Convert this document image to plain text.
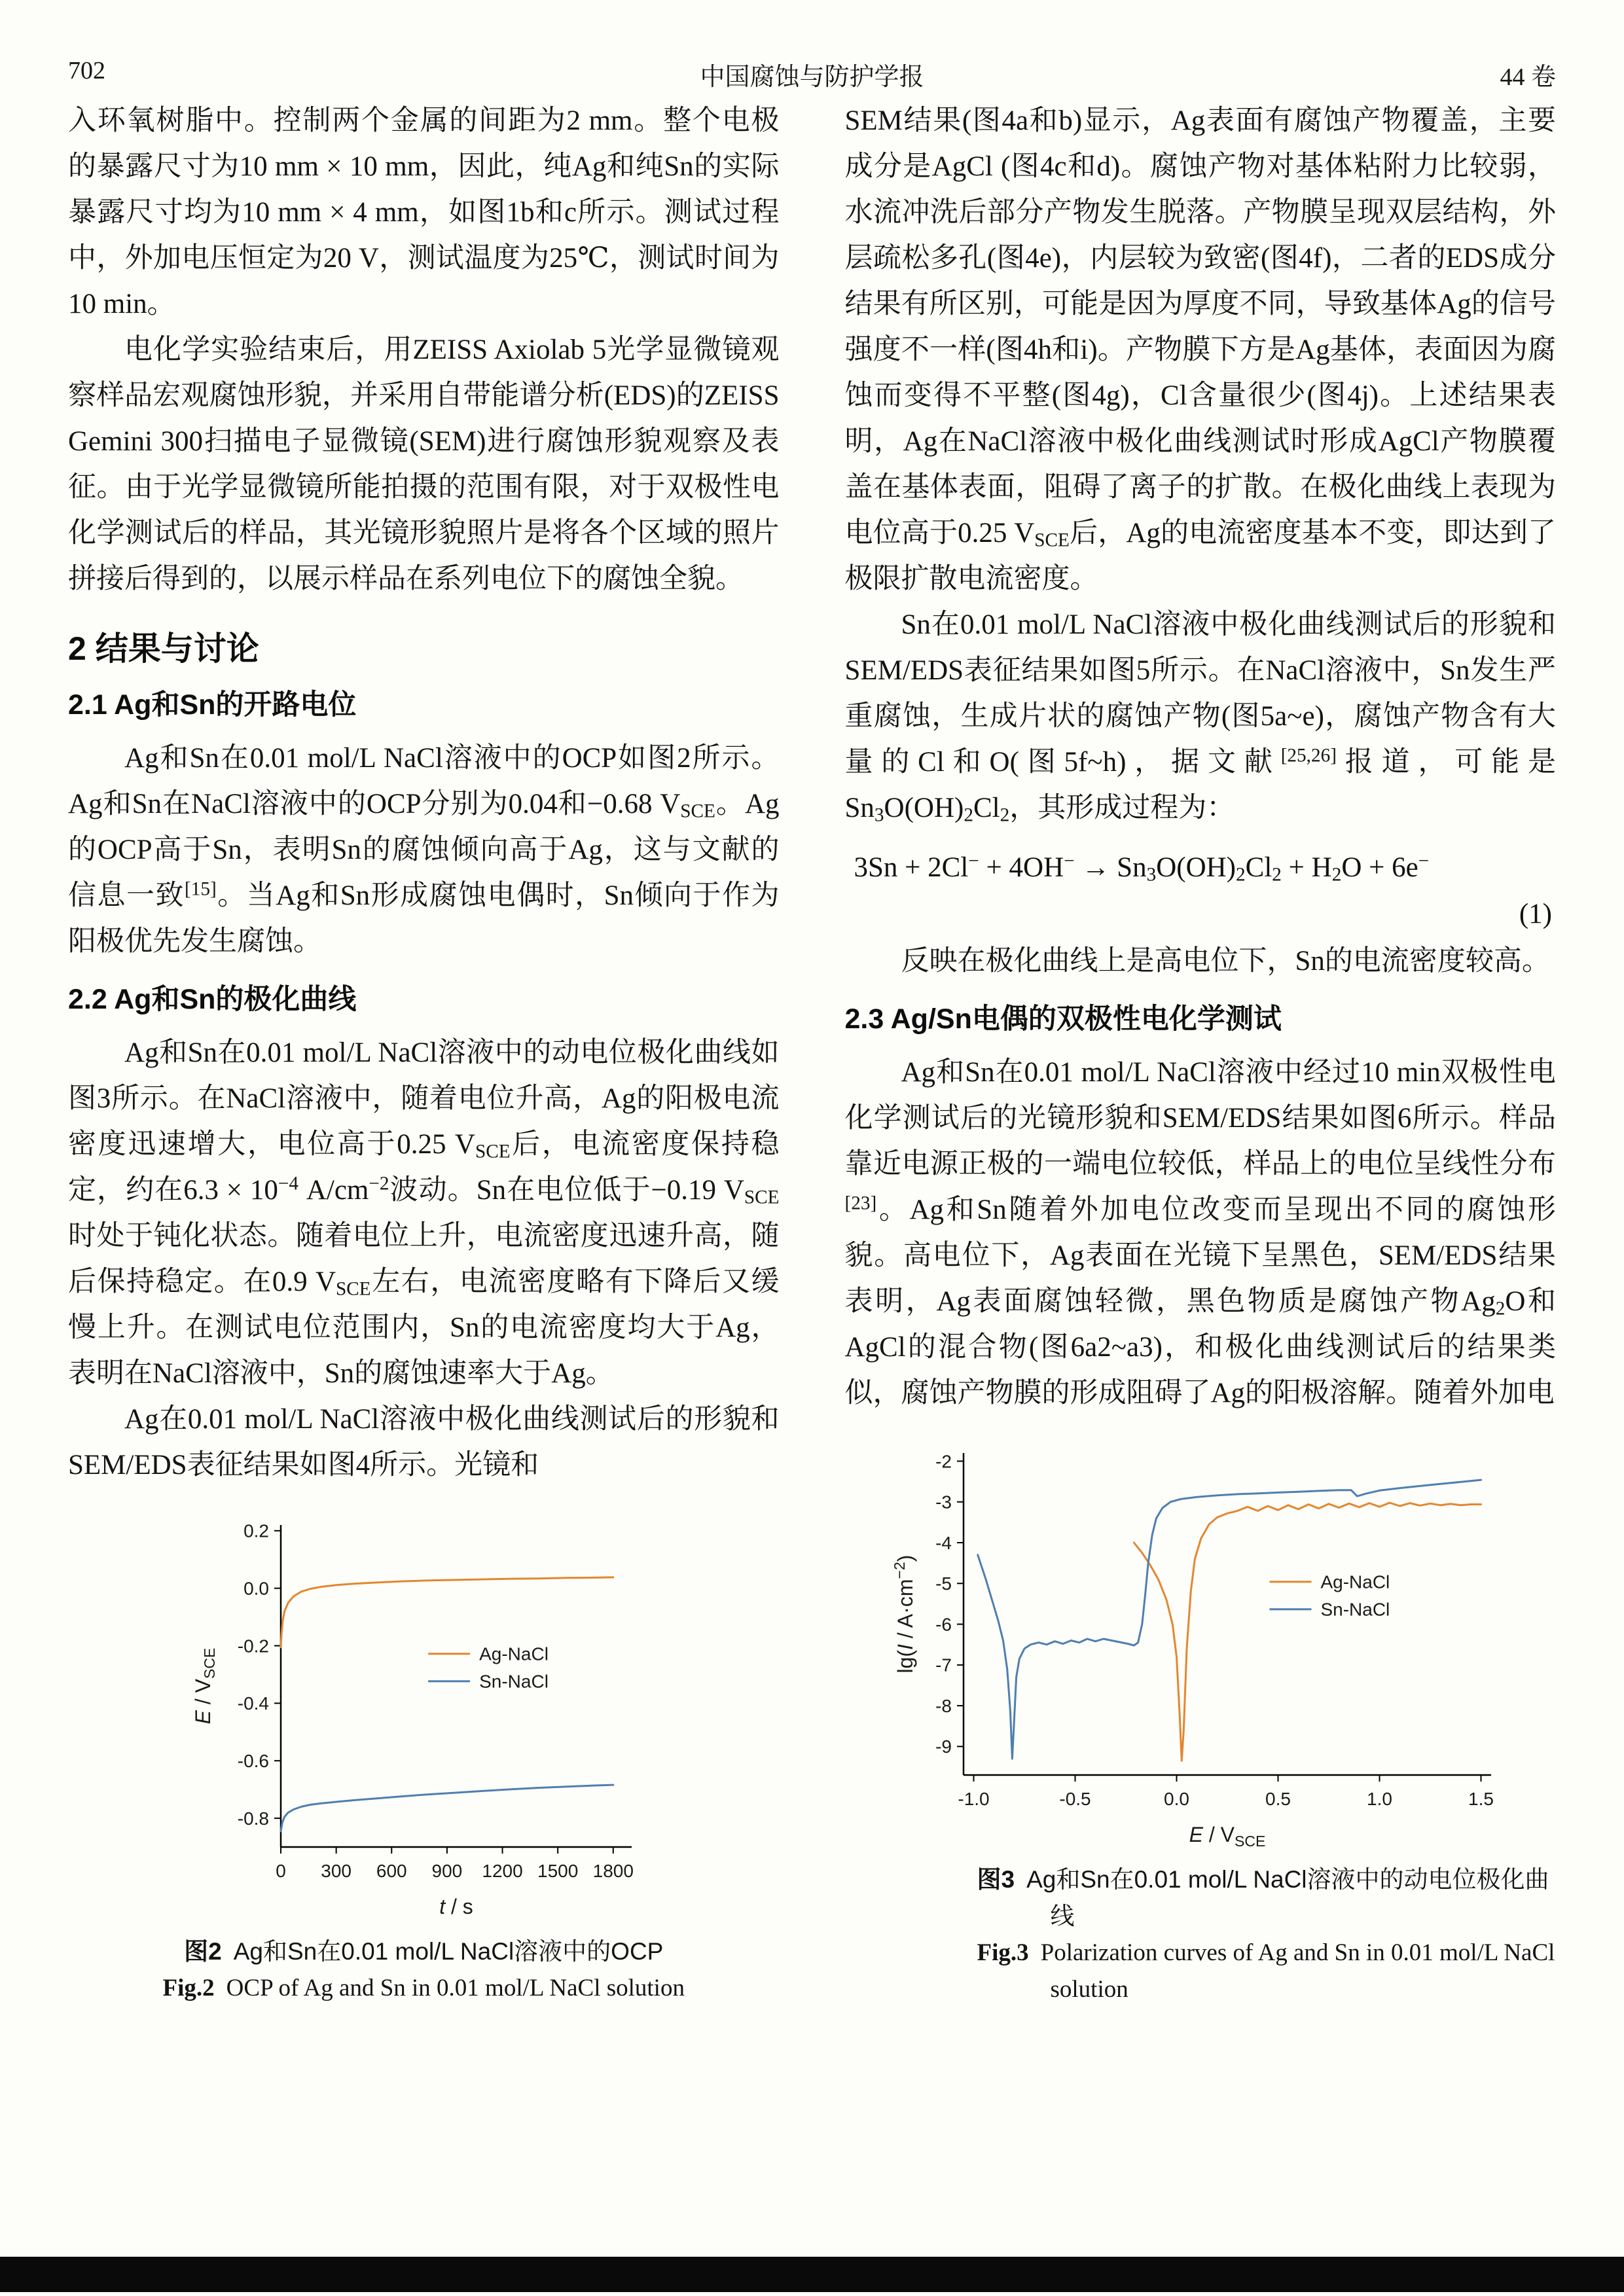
702	中国腐蚀与防护学报	44 卷

入环氧树脂中。控制两个金属的间距为2 mm。整个电极的暴露尺寸为10 mm × 10 mm，因此，纯Ag和纯Sn的实际暴露尺寸均为10 mm × 4 mm，如图1b和c所示。测试过程中，外加电压恒定为20 V，测试温度为25℃，测试时间为10 min。

电化学实验结束后，用ZEISS Axiolab 5光学显微镜观察样品宏观腐蚀形貌，并采用自带能谱分析(EDS)的ZEISS Gemini 300扫描电子显微镜(SEM)进行腐蚀形貌观察及表征。由于光学显微镜所能拍摄的范围有限，对于双极性电化学测试后的样品，其光镜形貌照片是将各个区域的照片拼接后得到的，以展示样品在系列电位下的腐蚀全貌。

2 结果与讨论
2.1 Ag和Sn的开路电位

Ag和Sn在0.01 mol/L NaCl溶液中的OCP如图2所示。Ag和Sn在NaCl溶液中的OCP分别为0.04和−0.68 $V_{SCE}$。Ag的OCP高于Sn，表明Sn的腐蚀倾向高于Ag，这与文献的信息一致[15]。当Ag和Sn形成腐蚀电偶时，Sn倾向于作为阳极优先发生腐蚀。

2.2 Ag和Sn的极化曲线

Ag和Sn在0.01 mol/L NaCl溶液中的动电位极化曲线如图3所示。在NaCl溶液中，随着电位升高，Ag的阳极电流密度迅速增大，电位高于0.25 $V_{SCE}$后，电流密度保持稳定，约在$6.3 \times 10^{-4}$ $A/cm^{-2}$波动。Sn在电位低于−0.19 $V_{SCE}$时处于钝化状态。随着电位上升，电流密度迅速升高，随后保持稳定。在0.9 $V_{SCE}$左右，电流密度略有下降后又缓慢上升。在测试电位范围内，Sn的电流密度均大于Ag，表明在NaCl溶液中，Sn的腐蚀速率大于Ag。

Ag在0.01 mol/L NaCl溶液中极化曲线测试后的形貌和SEM/EDS表征结果如图4所示。光镜和

0 300 600 900 1200 1500 1800
0.2
0.0
-0.2
-0.4
-0.6
-0.8
t / s
E / $V_{SCE}$	Ag-NaCl
Sn-NaCl

图2 Ag和Sn在0.01 mol/L NaCl溶液中的OCP

Fig.2 OCP of Ag and Sn in 0.01 mol/L NaCl solution

SEM结果(图4a和b)显示，Ag表面有腐蚀产物覆盖，主要成分是AgCl (图4c和d)。腐蚀产物对基体粘附力比较弱，水流冲洗后部分产物发生脱落。产物膜呈现双层结构，外层疏松多孔(图4e)，内层较为致密(图4f)，二者的EDS成分结果有所区别，可能是因为厚度不同，导致基体Ag的信号强度不一样(图4h和i)。产物膜下方是Ag基体，表面因为腐蚀而变得不平整(图4g)，Cl含量很少(图4j)。上述结果表明，Ag在NaCl溶液中极化曲线测试时形成AgCl产物膜覆盖在基体表面，阻碍了离子的扩散。在极化曲线上表现为电位高于0.25 $V_{SCE}$后，Ag的电流密度基本不变，即达到了极限扩散电流密度。

Sn在0.01 mol/L NaCl溶液中极化曲线测试后的形貌和SEM/EDS表征结果如图5所示。在NaCl溶液中，Sn发生严重腐蚀，生成片状的腐蚀产物(图5a~e)，腐蚀产物含有大量的Cl和O(图5f~h)，据文献[25,26]报道，可能是$Sn_3O(OH)_2Cl_2$，其形成过程为：

$3Sn + 2Cl^- + 4OH^- \to Sn_3O(OH)_2Cl_2 + H_2O + 6e^-$
(1)

反映在极化曲线上是高电位下，Sn的电流密度较高。

2.3 Ag/Sn电偶的双极性电化学测试

Ag和Sn在0.01 mol/L NaCl溶液中经过10 min双极性电化学测试后的光镜形貌和SEM/EDS结果如图6所示。样品靠近电源正极的一端电位较低，样品上的电位呈线性分布[23]。Ag和Sn随着外加电位改变而呈现出不同的腐蚀形貌。高电位下，Ag表面在光镜下呈黑色，SEM/EDS结果表明，Ag表面腐蚀轻微，黑色物质是腐蚀产物$Ag_2O$和AgCl的混合物(图6a2~a3)，和极化曲线测试后的结果类似，腐蚀产物膜的形成阻碍了Ag的阳极溶解。随着外加电

-1.0	-0.5	0.0	0.5	1.0	1.5
-2
-3
-4
-5
-6
-7
-8
-9
E / $V_{SCE}$
$\lg(I / A\cdot cm^{-2})$
Ag-NaCl
Sn-NaCl

图3 Ag和Sn在0.01 mol/L NaCl溶液中的动电位极化曲线

Fig.3 Polarization curves of Ag and Sn in 0.01 mol/L NaCl solution
